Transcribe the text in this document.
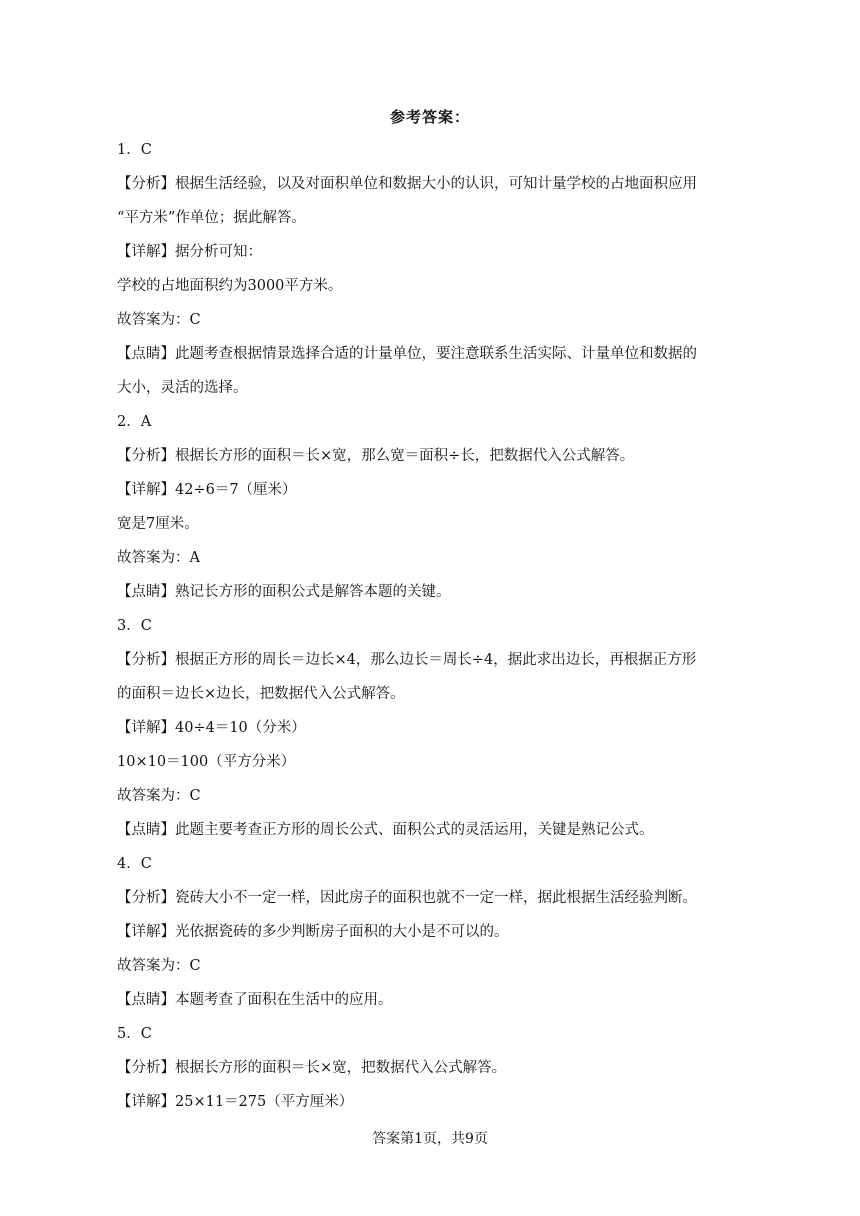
参考答案：
1．C
【分析】根据生活经验，以及对面积单位和数据大小的认识，可知计量学校的占地面积应用
“平方米”作单位；据此解答。
【详解】据分析可知：
学校的占地面积约为3000平方米。
故答案为：C
【点睛】此题考查根据情景选择合适的计量单位，要注意联系生活实际、计量单位和数据的
大小，灵活的选择。
2．A
【分析】根据长方形的面积＝长×宽，那么宽＝面积÷长，把数据代入公式解答。
【详解】42÷6＝7（厘米）
宽是7厘米。
故答案为：A
【点睛】熟记长方形的面积公式是解答本题的关键。
3．C
【分析】根据正方形的周长＝边长×4，那么边长＝周长÷4，据此求出边长，再根据正方形
的面积＝边长×边长，把数据代入公式解答。
【详解】40÷4＝10（分米）
10×10＝100（平方分米）
故答案为：C
【点睛】此题主要考查正方形的周长公式、面积公式的灵活运用，关键是熟记公式。
4．C
【分析】瓷砖大小不一定一样，因此房子的面积也就不一定一样，据此根据生活经验判断。
【详解】光依据瓷砖的多少判断房子面积的大小是不可以的。
故答案为：C
【点睛】本题考查了面积在生活中的应用。
5．C
【分析】根据长方形的面积＝长×宽，把数据代入公式解答。
【详解】25×11＝275（平方厘米）
答案第1页，共9页
